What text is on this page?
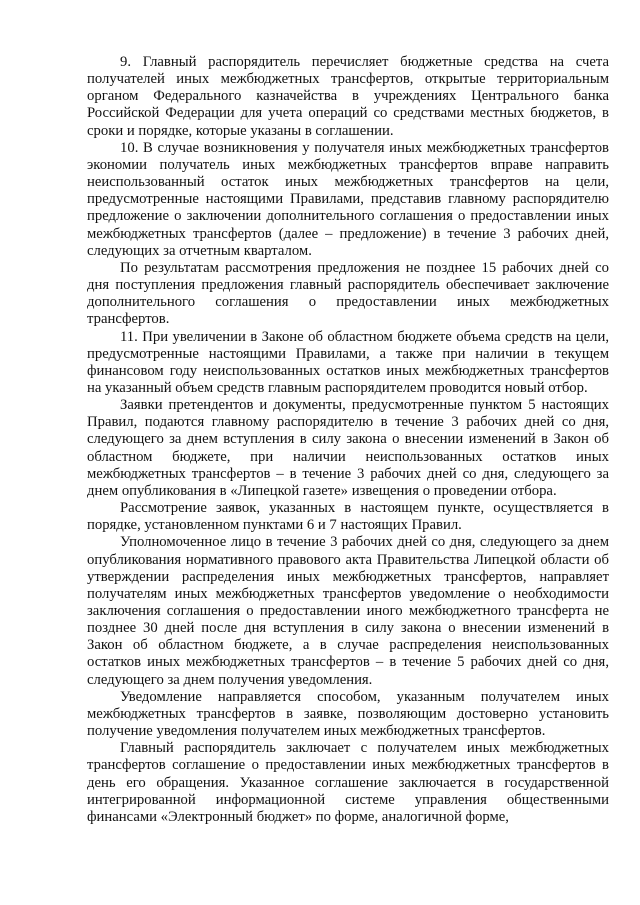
9. Главный распорядитель перечисляет бюджетные средства на счета получателей иных межбюджетных трансфертов, открытые территориальным органом Федерального казначейства в учреждениях Центрального банка Российской Федерации для учета операций со средствами местных бюджетов, в сроки и порядке, которые указаны в соглашении.

10. В случае возникновения у получателя иных межбюджетных трансфертов экономии получатель иных межбюджетных трансфертов вправе направить неиспользованный остаток иных межбюджетных трансфертов на цели, предусмотренные настоящими Правилами, представив главному распорядителю предложение о заключении дополнительного соглашения о предоставлении иных межбюджетных трансфертов (далее – предложение) в течение 3 рабочих дней, следующих за отчетным кварталом.

По результатам рассмотрения предложения не позднее 15 рабочих дней со дня поступления предложения главный распорядитель обеспечивает заключение дополнительного соглашения о предоставлении иных межбюджетных трансфертов.

11. При увеличении в Законе об областном бюджете объема средств на цели, предусмотренные настоящими Правилами, а также при наличии в текущем финансовом году неиспользованных остатков иных межбюджетных трансфертов на указанный объем средств главным распорядителем проводится новый отбор.

Заявки претендентов и документы, предусмотренные пунктом 5 настоящих Правил, подаются главному распорядителю в течение 3 рабочих дней со дня, следующего за днем вступления в силу закона о внесении изменений в Закон об областном бюджете, при наличии неиспользованных остатков иных межбюджетных трансфертов – в течение 3 рабочих дней со дня, следующего за днем опубликования в «Липецкой газете» извещения о проведении отбора.

Рассмотрение заявок, указанных в настоящем пункте, осуществляется в порядке, установленном пунктами 6 и 7 настоящих Правил.

Уполномоченное лицо в течение 3 рабочих дней со дня, следующего за днем опубликования нормативного правового акта Правительства Липецкой области об утверждении распределения иных межбюджетных трансфертов, направляет получателям иных межбюджетных трансфертов уведомление о необходимости заключения соглашения о предоставлении иного межбюджетного трансферта не позднее 30 дней после дня вступления в силу закона о внесении изменений в Закон об областном бюджете, а в случае распределения неиспользованных остатков иных межбюджетных трансфертов – в течение 5 рабочих дней со дня, следующего за днем получения уведомления.

Уведомление направляется способом, указанным получателем иных межбюджетных трансфертов в заявке, позволяющим достоверно установить получение уведомления получателем иных межбюджетных трансфертов.

Главный распорядитель заключает с получателем иных межбюджетных трансфертов соглашение о предоставлении иных межбюджетных трансфертов в день его обращения. Указанное соглашение заключается в государственной интегрированной информационной системе управления общественными финансами «Электронный бюджет» по форме, аналогичной форме,
